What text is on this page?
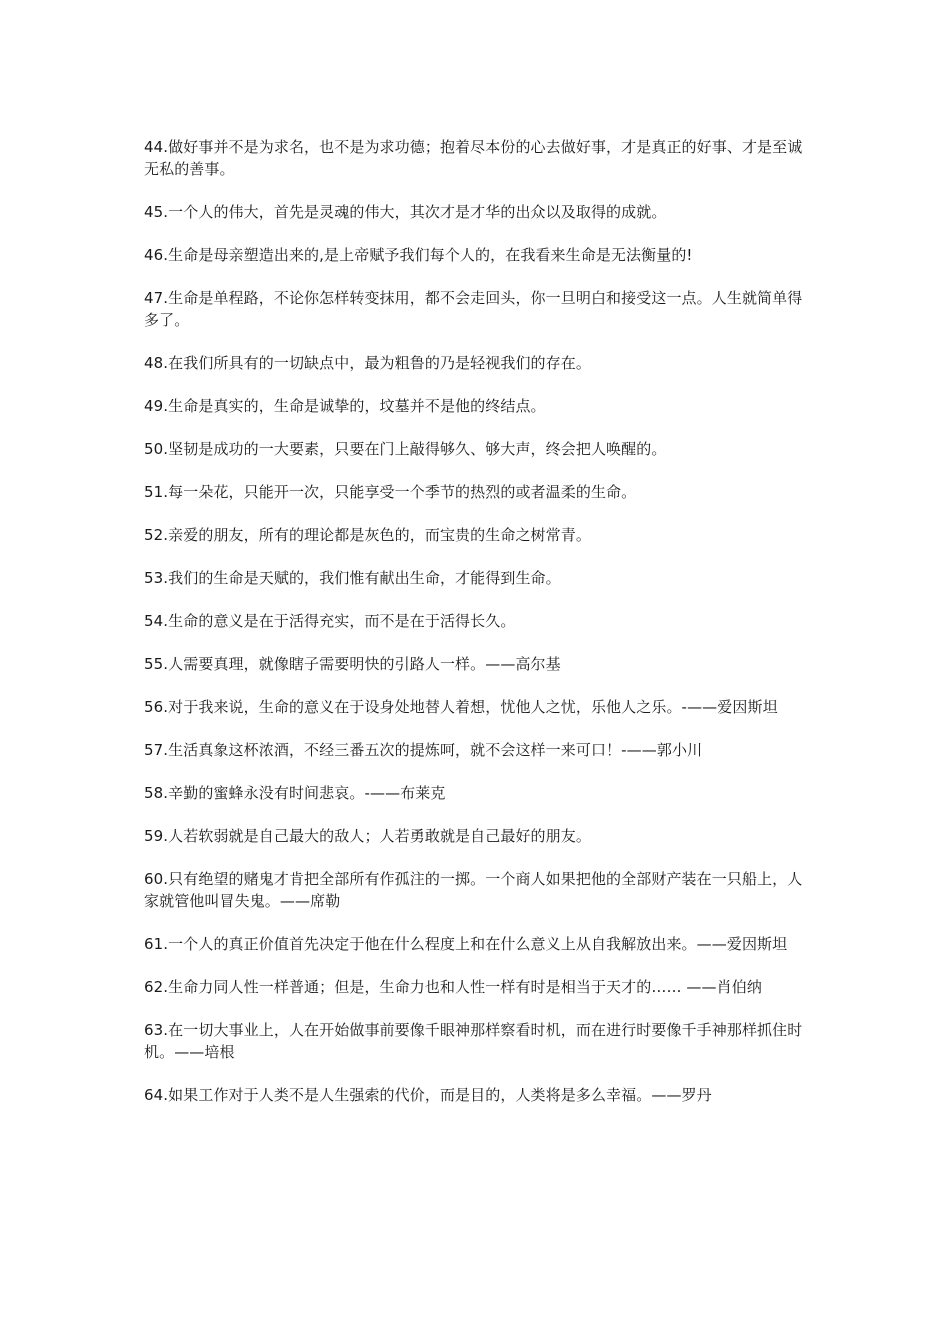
44.做好事并不是为求名，也不是为求功德；抱着尽本份的心去做好事，才是真正的好事、才是至诚无私的善事。

45.一个人的伟大，首先是灵魂的伟大，其次才是才华的出众以及取得的成就。

46.生命是母亲塑造出来的,是上帝赋予我们每个人的，在我看来生命是无法衡量的!

47.生命是单程路，不论你怎样转变抹用，都不会走回头，你一旦明白和接受这一点。人生就简单得多了。

48.在我们所具有的一切缺点中，最为粗鲁的乃是轻视我们的存在。

49.生命是真实的，生命是诚挚的，坟墓并不是他的终结点。

50.坚韧是成功的一大要素，只要在门上敲得够久、够大声，终会把人唤醒的。

51.每一朵花，只能开一次，只能享受一个季节的热烈的或者温柔的生命。

52.亲爱的朋友，所有的理论都是灰色的，而宝贵的生命之树常青。

53.我们的生命是天赋的，我们惟有献出生命，才能得到生命。

54.生命的意义是在于活得充实，而不是在于活得长久。

55.人需要真理，就像瞎子需要明快的引路人一样。——高尔基

56.对于我来说，生命的意义在于设身处地替人着想，忧他人之忧，乐他人之乐。-——爱因斯坦

57.生活真象这杯浓酒，不经三番五次的提炼呵，就不会这样一来可口！-——郭小川

58.辛勤的蜜蜂永没有时间悲哀。-——布莱克

59.人若软弱就是自己最大的敌人；人若勇敢就是自己最好的朋友。

60.只有绝望的赌鬼才肯把全部所有作孤注的一掷。一个商人如果把他的全部财产装在一只船上，人家就管他叫冒失鬼。——席勒

61.一个人的真正价值首先决定于他在什么程度上和在什么意义上从自我解放出来。——爱因斯坦

62.生命力同人性一样普通；但是，生命力也和人性一样有时是相当于天才的…… ——肖伯纳

63.在一切大事业上，人在开始做事前要像千眼神那样察看时机，而在进行时要像千手神那样抓住时机。——培根

64.如果工作对于人类不是人生强索的代价，而是目的，人类将是多么幸福。——罗丹
